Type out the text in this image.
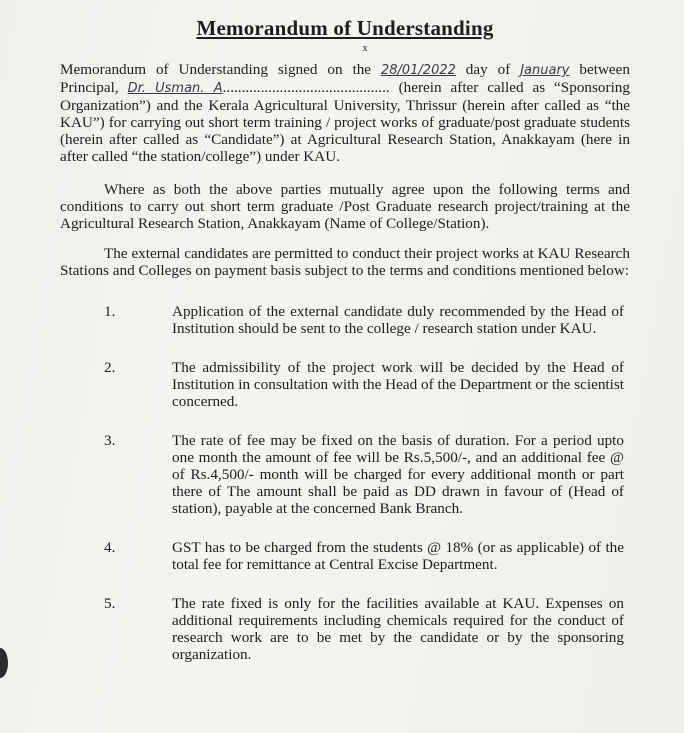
Memorandum of Understanding
x

Memorandum of Understanding signed on the 28/01/2022 day of January between Principal, Dr. Usman. A............................................ (herein after called as “Sponsoring Organization”) and the Kerala Agricultural University, Thrissur (herein after called as “the KAU”) for carrying out short term training / project works of graduate/post graduate students (herein after called as “Candidate”) at Agricultural Research Station, Anakkayam (here in after called “the station/college”) under KAU.

Where as both the above parties mutually agree upon the following terms and conditions to carry out short term graduate /Post Graduate research project/training at the Agricultural Research Station, Anakkayam (Name of College/Station).

The external candidates are permitted to conduct their project works at KAU Research Stations and Colleges on payment basis subject to the terms and conditions mentioned below:

1.	Application of the external candidate duly recommended by the Head of Institution should be sent to the college / research station under KAU.
2.	The admissibility of the project work will be decided by the Head of Institution in consultation with the Head of the Department or the scientist concerned.
3.	The rate of fee may be fixed on the basis of duration. For a period upto one month the amount of fee will be Rs.5,500/-, and an additional fee @ of Rs.4,500/- month will be charged for every additional month or part there of The amount shall be paid as DD drawn in favour of (Head of station), payable at the concerned Bank Branch.
4.	GST has to be charged from the students @ 18% (or as applicable) of the total fee for remittance at Central Excise Department.
5.	The rate fixed is only for the facilities available at KAU. Expenses on additional requirements including chemicals required for the conduct of research work are to be met by the candidate or by the sponsoring organization.
